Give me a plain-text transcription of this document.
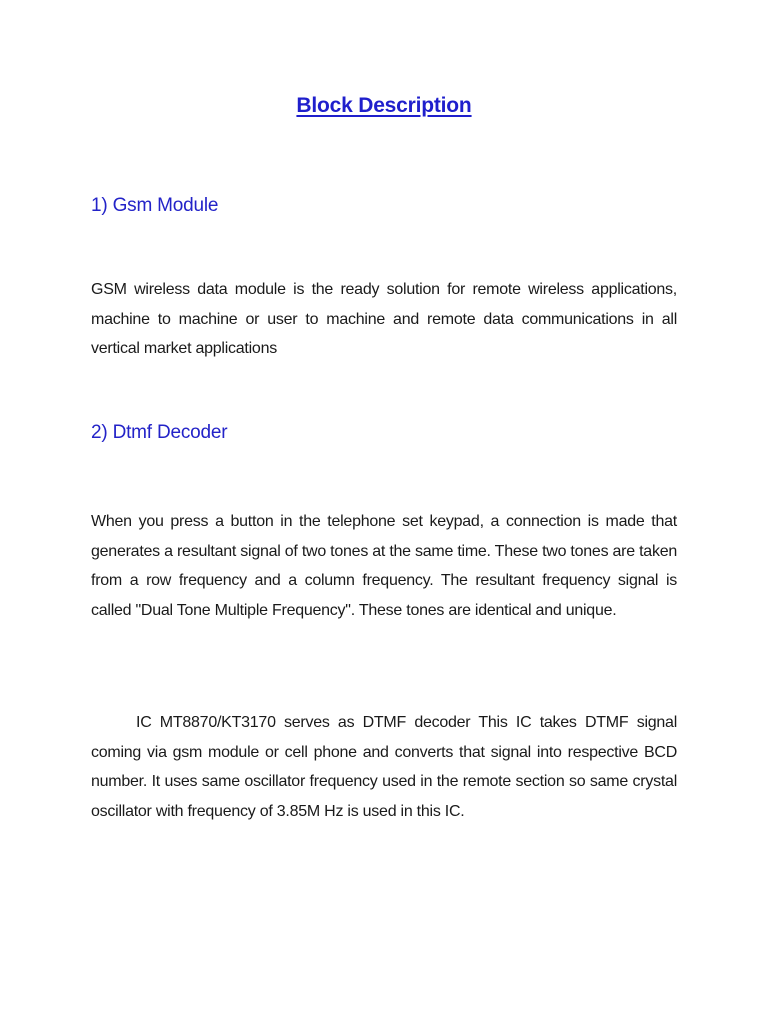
Block Description
1) Gsm Module

GSM wireless data module is the ready solution for remote wireless applications, machine to machine or user to machine and remote data communications in all vertical market applications

2) Dtmf Decoder

When you press a button in the telephone set keypad, a connection is made that generates a resultant signal of two tones at the same time. These two tones are taken from a row frequency and a column frequency. The resultant frequency signal is called "Dual Tone Multiple Frequency". These tones are identical and unique.

IC MT8870/KT3170 serves as DTMF decoder This IC takes DTMF signal coming via gsm module or cell phone and converts that signal into respective BCD number. It uses same oscillator frequency used in the remote section so same crystal oscillator with frequency of 3.85M Hz is used in this IC.
